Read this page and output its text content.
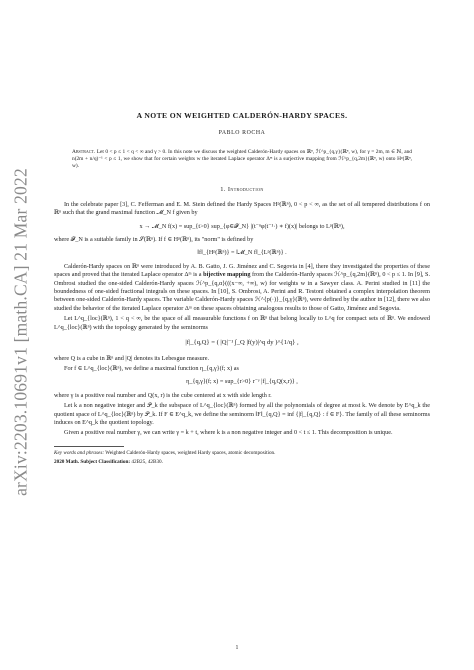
arXiv:2203.10691v1 [math.CA] 21 Mar 2022
A NOTE ON WEIGHTED CALDERÓN-HARDY SPACES.
PABLO ROCHA
Abstract. Let 0 < p ≤ 1 < q < ∞ and γ > 0. In this note we discuss the weighted Calderón-Hardy spaces on ℝⁿ, ℋ^p_{q,γ}(ℝⁿ, w), for γ = 2m, m ∈ ℕ, and n(2m + n/q)⁻¹ < p ≤ 1, we show that for certain weights w the iterated Laplace operator Δᵐ is a surjective mapping from ℋ^p_{q,2m}(ℝⁿ, w) onto Hᵖ(ℝⁿ, w).
1. Introduction

In the celebrate paper [3], C. Fefferman and E. M. Stein defined the Hardy Spaces Hᵖ(ℝⁿ), 0 < p < ∞, as the set of all tempered distributions f on ℝⁿ such that the grand maximal function 𝓜_N f given by

x → 𝓜_N f(x) = sup_{t>0} sup_{φ∈𝓕_N} |(t⁻ⁿφ(t⁻¹·) ∗ f)(x)| belongs to Lᵖ(ℝⁿ),

where 𝓕_N is a suitable family in 𝒮(ℝⁿ). If f ∈ Hᵖ(ℝⁿ), its "norm" is defined by

‖f‖_{Hᵖ(ℝⁿ)} = ‖𝓜_N f‖_{Lᵖ(ℝⁿ)} .

Calderón-Hardy spaces on ℝⁿ were introduced by A. B. Gatto, J. G. Jiménez and C. Segovia in [4], there they investigated the properties of these spaces and proved that the iterated Laplace operator Δᵐ is a bijective mapping from the Calderón-Hardy spaces ℋ^p_{q,2m}(ℝⁿ), 0 < p ≤ 1. In [9], S. Ombrosi studied the one-sided Calderón-Hardy spaces ℋ^p_{q,α}(((x−∞, +∞), w) for weights w in a Sawyer class. A. Perini studied in [11] the boundedness of one-sided fractional integrals on these spaces. In [10], S. Ombrosi, A. Perini and R. Testoni obtained a complex interpolation theorem between one-sided Calderón-Hardy spaces. The variable Calderón-Hardy spaces ℋ^{p(·)}_{q,γ}(ℝⁿ), were defined by the author in [12], there we also studied the behavior of the iterated Laplace operator Δᵐ on these spaces obtaining analogous results to those of Gatto, Jiménez and Segovia.

Let L^q_{loc}(ℝⁿ), 1 < q < ∞, be the space of all measurable functions f on ℝⁿ that belong locally to L^q for compact sets of ℝⁿ. We endowed L^q_{loc}(ℝⁿ) with the topology generated by the seminorms

|f|_{q,Q} = ( |Q|⁻¹ ∫_Q |f(y)|^q dy )^{1/q} ,

where Q is a cube in ℝⁿ and |Q| denotes its Lebesgue measure.

For f ∈ L^q_{loc}(ℝⁿ), we define a maximal function η_{q,γ}(f; x) as

η_{q,γ}(f; x) = sup_{r>0} r⁻ᵞ |f|_{q,Q(x,r)} ,

where γ is a positive real number and Q(x, r) is the cube centered at x with side length r.

Let k a non negative integer and 𝒫_k the subspace of L^q_{loc}(ℝⁿ) formed by all the polynomials of degree at most k. We denote by E^q_k the quotient space of L^q_{loc}(ℝⁿ) by 𝒫_k. If F ∈ E^q_k, we define the seminorm ‖F‖_{q,Q} = inf {|f|_{q,Q} : f ∈ F}. The family of all these seminorms induces on E^q_k the quotient topology.

Given a positive real number γ, we can write γ = k + t, where k is a non negative integer and 0 < t ≤ 1. This decomposition is unique.

Key words and phrases: Weighted Calderón-Hardy spaces, weighted Hardy spaces, atomic decomposition.

2020 Math. Subject Classification: 42B25, 42B30.

1
